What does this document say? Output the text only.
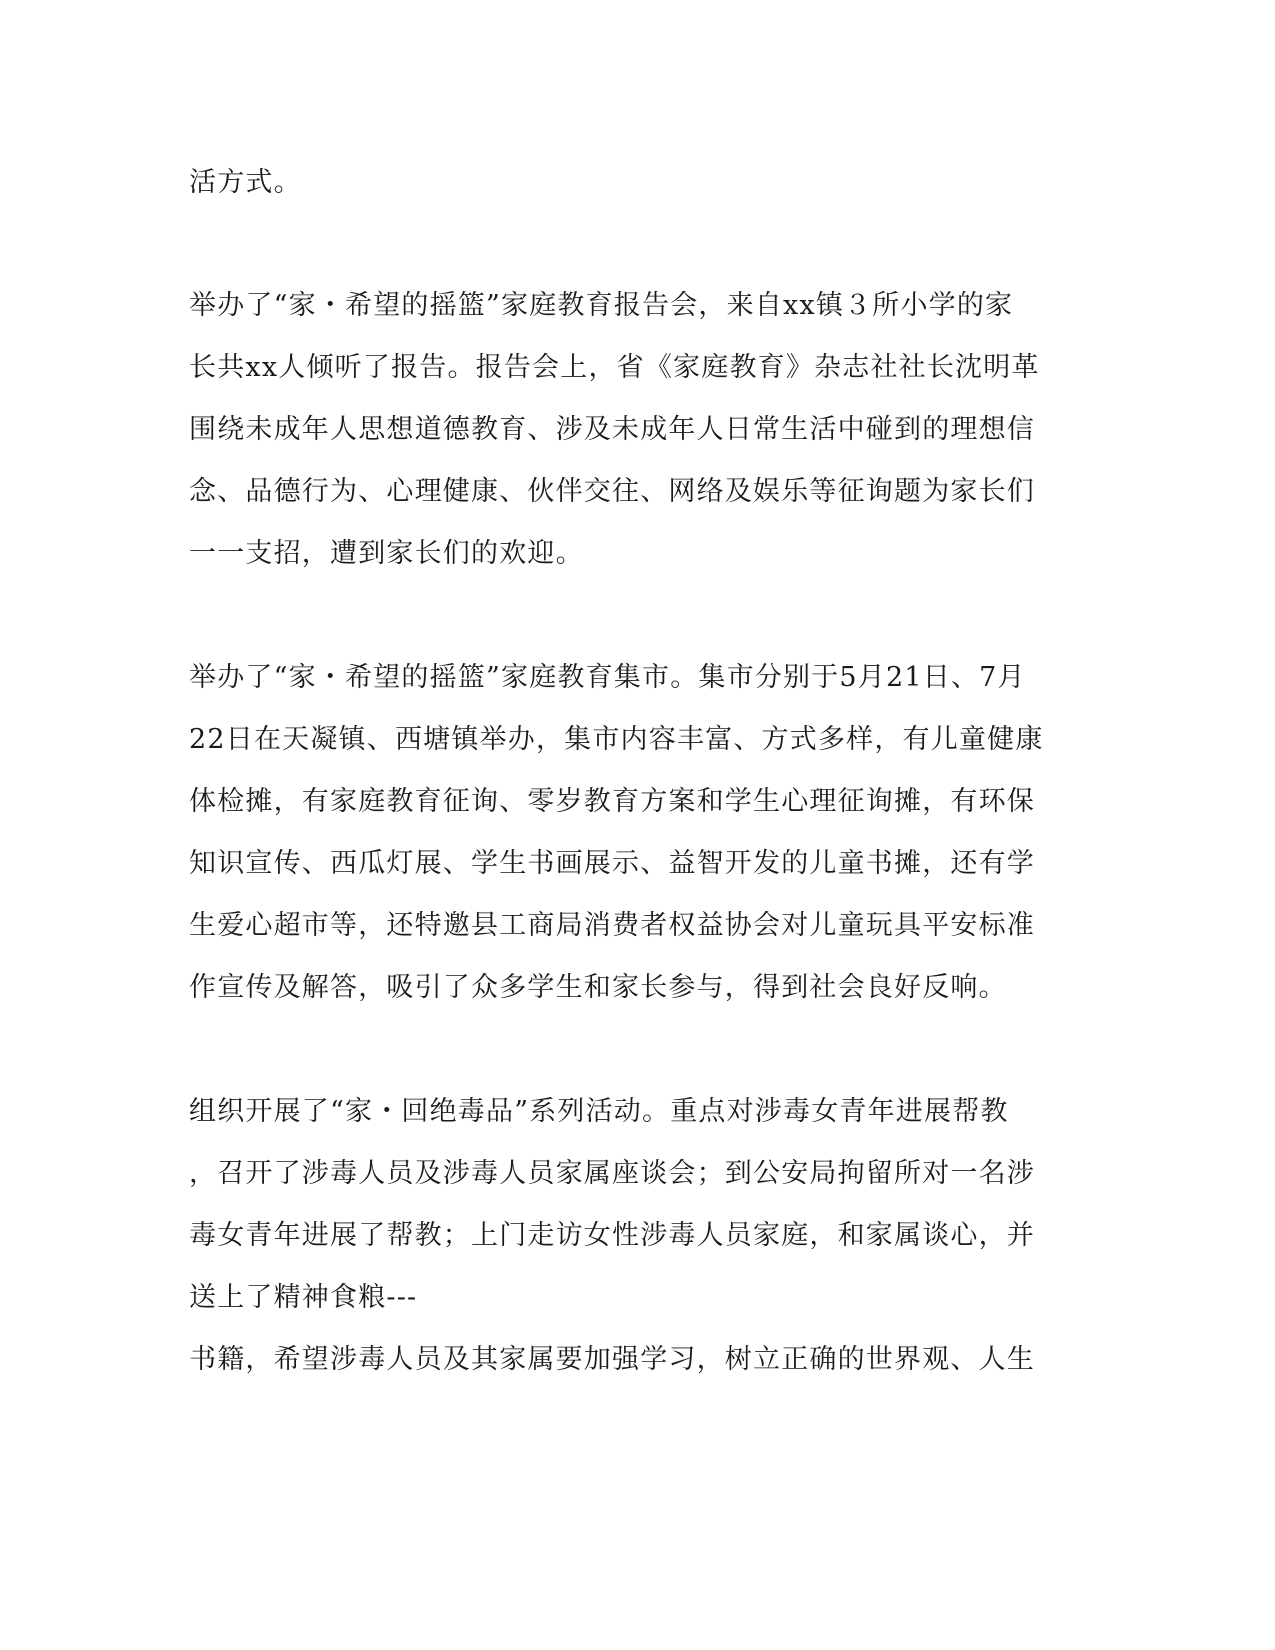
活方式。
举办了“家・希望的摇篮”家庭教育报告会，来自xx镇３所小学的家
长共xx人倾听了报告。报告会上，省《家庭教育》杂志社社长沈明革
围绕未成年人思想道德教育、涉及未成年人日常生活中碰到的理想信
念、品德行为、心理健康、伙伴交往、网络及娱乐等征询题为家长们
一一支招，遭到家长们的欢迎。
举办了“家・希望的摇篮”家庭教育集市。集市分别于5月21日、7月
22日在天凝镇、西塘镇举办，集市内容丰富、方式多样，有儿童健康
体检摊，有家庭教育征询、零岁教育方案和学生心理征询摊，有环保
知识宣传、西瓜灯展、学生书画展示、益智开发的儿童书摊，还有学
生爱心超市等，还特邀县工商局消费者权益协会对儿童玩具平安标准
作宣传及解答，吸引了众多学生和家长参与，得到社会良好反响。
组织开展了“家・回绝毒品”系列活动。重点对涉毒女青年进展帮教
，召开了涉毒人员及涉毒人员家属座谈会；到公安局拘留所对一名涉
毒女青年进展了帮教；上门走访女性涉毒人员家庭，和家属谈心，并
送上了精神食粮---
书籍，希望涉毒人员及其家属要加强学习，树立正确的世界观、人生
